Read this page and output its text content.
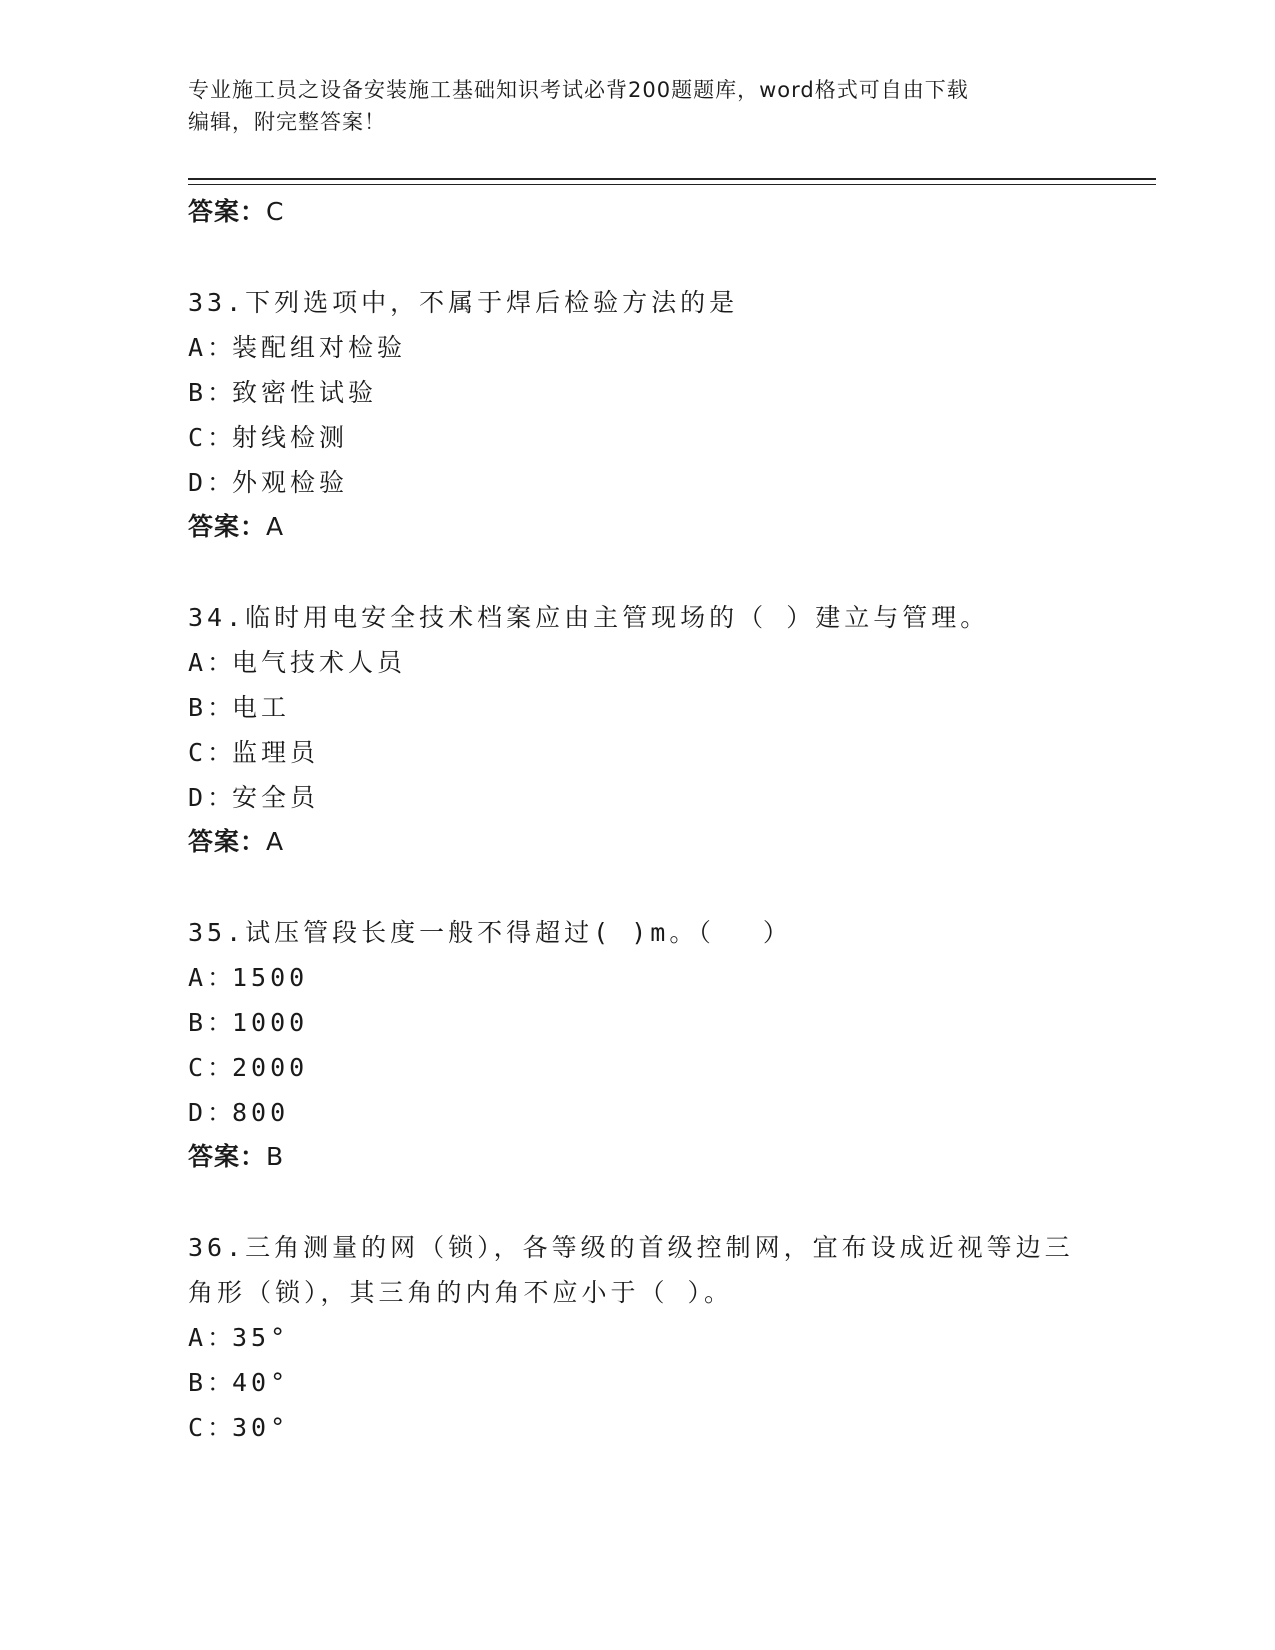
专业施工员之设备安装施工基础知识考试必背200题题库，word格式可自由下载
编辑，附完整答案！
答案：C
33.下列选项中，不属于焊后检验方法的是
A：装配组对检验
B：致密性试验
C：射线检测
D：外观检验
答案：A
34.临时用电安全技术档案应由主管现场的（ ）建立与管理。
A：电气技术人员
B：电工
C：监理员
D：安全员
答案：A
35.试压管段长度一般不得超过( )m。（　 ）
A：1500
B：1000
C：2000
D：800
答案：B
36.三角测量的网（锁），各等级的首级控制网，宜布设成近视等边三角形（锁），其三角的内角不应小于（ ）。
A：35°
B：40°
C：30°
